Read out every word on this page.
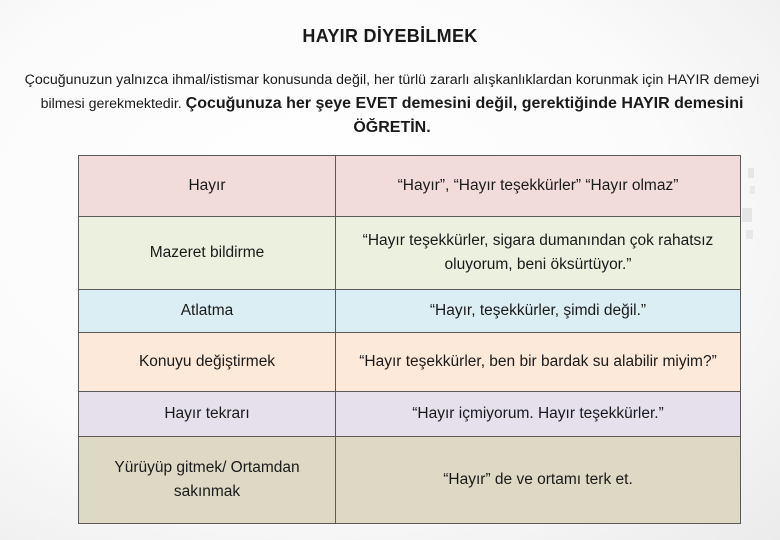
HAYIR DİYEBİLMEK
Çocuğunuzun yalnızca ihmal/istismar konusunda değil, her türlü zararlı alışkanlıklardan korunmak için HAYIR demeyi bilmesi gerekmektedir. Çocuğunuza her şeye EVET demesini değil, gerektiğinde HAYIR demesini ÖĞRETİN.
Hayır	“Hayır”, “Hayır teşekkürler” “Hayır olmaz”
Mazeret bildirme	“Hayır teşekkürler, sigara dumanından çok rahatsız oluyorum, beni öksürtüyor.”
Atlatma	“Hayır, teşekkürler, şimdi değil.”
Konuyu değiştirmek	“Hayır teşekkürler, ben bir bardak su alabilir miyim?”
Hayır tekrarı	“Hayır içmiyorum. Hayır teşekkürler.”
Yürüyüp gitmek/ Ortamdan sakınmak	“Hayır” de ve ortamı terk et.
